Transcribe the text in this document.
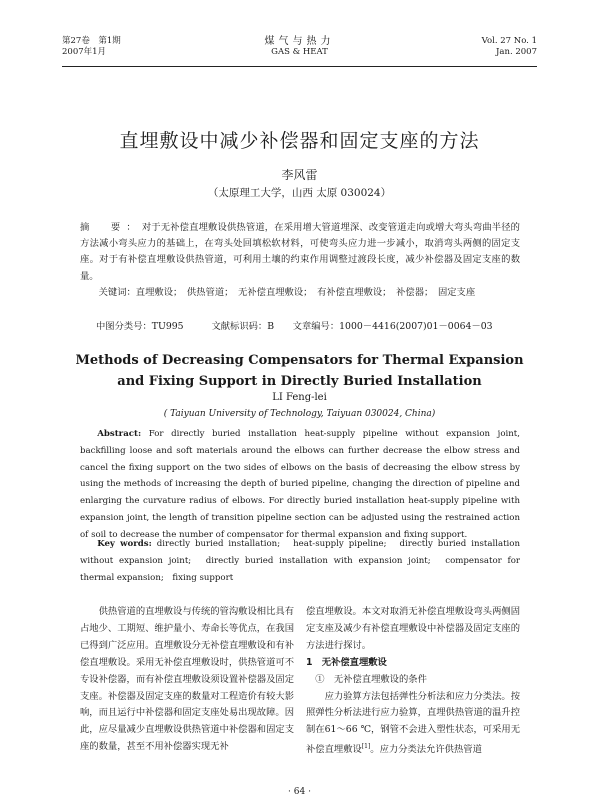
第27卷　第1期
2007年1月
煤气与热力
GAS & HEAT
Vol. 27 No. 1
Jan. 2007
直埋敷设中减少补偿器和固定支座的方法
李风雷
（太原理工大学，山西 太原 030024）
摘　要：对于无补偿直埋敷设供热管道，在采用增大管道埋深、改变管道走向或增大弯头弯曲半径的方法减小弯头应力的基础上，在弯头处回填松软材料，可使弯头应力进一步减小，取消弯头两侧的固定支座。对于有补偿直埋敷设供热管道，可利用土壤的约束作用调整过渡段长度，减少补偿器及固定支座的数量。
关键词：直埋敷设；　供热管道；　无补偿直埋敷设；　有补偿直埋敷设；　补偿器；　固定支座
中图分类号：TU995　　　文献标识码：B　　文章编号：1000－4416(2007)01－0064－03
Methods of Decreasing Compensators for Thermal Expansion
and Fixing Support in Directly Buried Installation
LI Feng-lei
( Taiyuan University of Technology, Taiyuan 030024, China)
Abstract: For directly buried installation heat-supply pipeline without expansion joint, backfilling loose and soft materials around the elbows can further decrease the elbow stress and cancel the fixing support on the two sides of elbows on the basis of decreasing the elbow stress by using the methods of increasing the depth of buried pipeline, changing the direction of pipeline and enlarging the curvature radius of elbows. For directly buried installation heat-supply pipeline with expansion joint, the length of transition pipeline section can be adjusted using the restrained action of soil to decrease the number of compensator for thermal expansion and fixing support.
Key words: directly buried installation;　heat-supply pipeline;　directly buried installation without expansion joint;　directly buried installation with expansion joint;　compensator for thermal expansion;　fixing support

供热管道的直埋敷设与传统的管沟敷设相比具有占地少、工期短、维护量小、寿命长等优点，在我国已得到广泛应用。直埋敷设分无补偿直埋敷设和有补偿直埋敷设。采用无补偿直埋敷设时，供热管道可不专设补偿器，而有补偿直埋敷设须设置补偿器及固定支座。补偿器及固定支座的数量对工程造价有较大影响，而且运行中补偿器和固定支座处易出现故障。因此，应尽量减少直埋敷设供热管道中补偿器和固定支座的数量，甚至不用补偿器实现无补

偿直埋敷设。本文对取消无补偿直埋敷设弯头两侧固定支座及减少有补偿直埋敷设中补偿器及固定支座的方法进行探讨。

1　无补偿直埋敷设

①　无补偿直埋敷设的条件

应力验算方法包括弹性分析法和应力分类法。按照弹性分析法进行应力验算，直埋供热管道的温升控制在61～66 ℃，钢管不会进入塑性状态，可采用无补偿直埋敷设[1]。应力分类法允许供热管道

· 64 ·
